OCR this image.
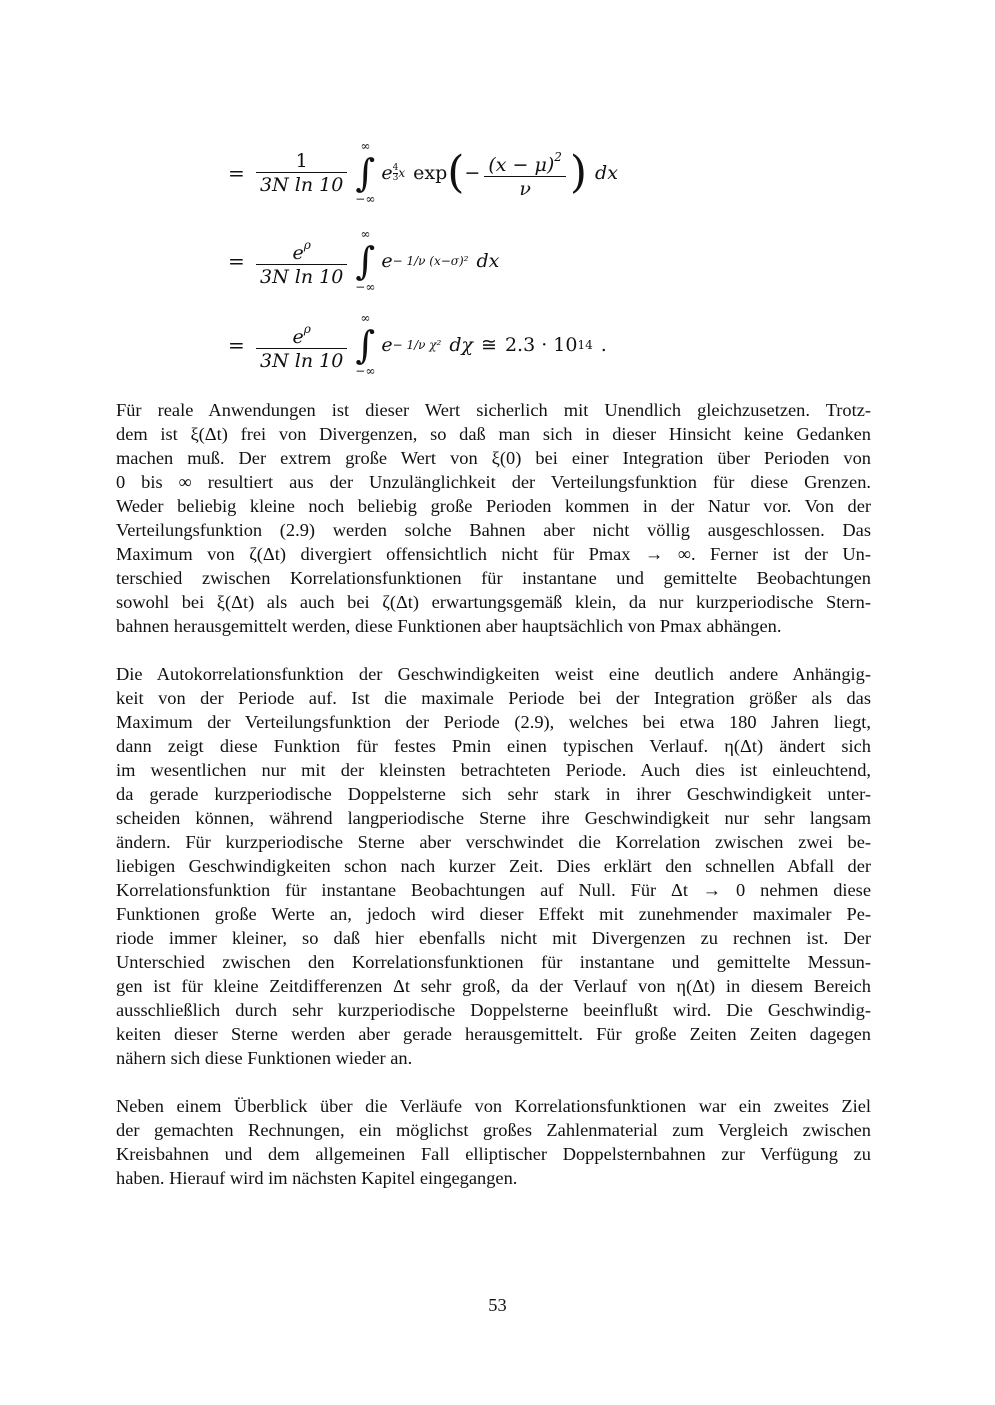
= $\frac{1}{\text{3N ln 10}}$
∞
∫
−∞
e $\frac{4}{3}$ x exp ( − $\frac{(x - \mu)^2}{\nu}$ ) dx
= $\frac{e^\rho}{\text{3N ln 10}}$ ∞
∫
−∞
e − 1/ν (x−σ)² dx
= $\frac{e^\rho}{\text{3N ln 10}}$ ∞
∫
−∞
e − 1/ν χ² dχ ≅ 2.3 · 10 14 .
Für reale Anwendungen ist dieser Wert sicherlich mit Unendlich gleichzusetzen. Trotz-
dem ist ξ(Δt) frei von Divergenzen, so daß man sich in dieser Hinsicht keine Gedanken
machen muß. Der extrem große Wert von ξ(0) bei einer Integration über Perioden von
0 bis ∞ resultiert aus der Unzulänglichkeit der Verteilungsfunktion für diese Grenzen.
Weder beliebig kleine noch beliebig große Perioden kommen in der Natur vor. Von der
Verteilungsfunktion (2.9) werden solche Bahnen aber nicht völlig ausgeschlossen. Das
Maximum von ζ(Δt) divergiert offensichtlich nicht für Pmax → ∞. Ferner ist der Un-
terschied zwischen Korrelationsfunktionen für instantane und gemittelte Beobachtungen
sowohl bei ξ(Δt) als auch bei ζ(Δt) erwartungsgemäß klein, da nur kurzperiodische Stern-
bahnen herausgemittelt werden, diese Funktionen aber hauptsächlich von Pmax abhängen.
Die Autokorrelationsfunktion der Geschwindigkeiten weist eine deutlich andere Anhängig-
keit von der Periode auf. Ist die maximale Periode bei der Integration größer als das
Maximum der Verteilungsfunktion der Periode (2.9), welches bei etwa 180 Jahren liegt,
dann zeigt diese Funktion für festes Pmin einen typischen Verlauf. η(Δt) ändert sich
im wesentlichen nur mit der kleinsten betrachteten Periode. Auch dies ist einleuchtend,
da gerade kurzperiodische Doppelsterne sich sehr stark in ihrer Geschwindigkeit unter-
scheiden können, während langperiodische Sterne ihre Geschwindigkeit nur sehr langsam
ändern. Für kurzperiodische Sterne aber verschwindet die Korrelation zwischen zwei be-
liebigen Geschwindigkeiten schon nach kurzer Zeit. Dies erklärt den schnellen Abfall der
Korrelationsfunktion für instantane Beobachtungen auf Null. Für Δt → 0 nehmen diese
Funktionen große Werte an, jedoch wird dieser Effekt mit zunehmender maximaler Pe-
riode immer kleiner, so daß hier ebenfalls nicht mit Divergenzen zu rechnen ist. Der
Unterschied zwischen den Korrelationsfunktionen für instantane und gemittelte Messun-
gen ist für kleine Zeitdifferenzen Δt sehr groß, da der Verlauf von η(Δt) in diesem Bereich
ausschließlich durch sehr kurzperiodische Doppelsterne beeinflußt wird. Die Geschwindig-
keiten dieser Sterne werden aber gerade herausgemittelt. Für große Zeiten Zeiten dagegen
nähern sich diese Funktionen wieder an.
Neben einem Überblick über die Verläufe von Korrelationsfunktionen war ein zweites Ziel
der gemachten Rechnungen, ein möglichst großes Zahlenmaterial zum Vergleich zwischen
Kreisbahnen und dem allgemeinen Fall elliptischer Doppelsternbahnen zur Verfügung zu
haben. Hierauf wird im nächsten Kapitel eingegangen.
53
